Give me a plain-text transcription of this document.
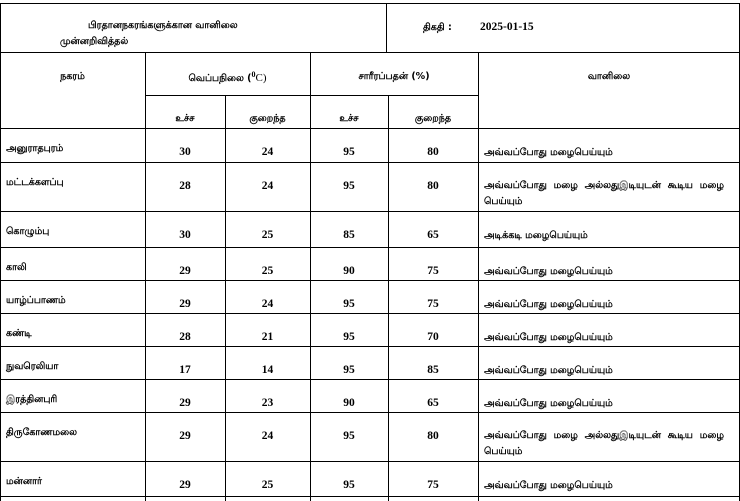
பிரதானநகரங்களுக்கான வானிலை
முன்னறிவித்தல்
திகதி : 2025-01-15
நகரம்	வெப்பநிலை ($^0$C)	சாரீரப்பதன் (%)	வானிலை
உச்ச	குறைந்த	உச்ச	குறைந்த
அனுராதபுரம்	30	24	95	80	அவ்வப்போது மழைபெய்யும்
மட்டக்களப்பு	28	24	95	80	அவ்வப்போது மழை அல்லதுஇடியுடன் கூடிய மழை பெய்யும்
கொழும்பு	30	25	85	65	அடிக்கடி மழைபெய்யும்
காலி	29	25	90	75	அவ்வப்போது மழைபெய்யும்
யாழ்ப்பாணம்	29	24	95	75	அவ்வப்போது மழைபெய்யும்
கண்டி	28	21	95	70	அவ்வப்போது மழைபெய்யும்
நுவரெலியா	17	14	95	85	அவ்வப்போது மழைபெய்யும்
இரத்தினபுரி	29	23	90	65	அவ்வப்போது மழைபெய்யும்
திருகோணமலை	29	24	95	80	அவ்வப்போது மழை அல்லதுஇடியுடன் கூடிய மழை பெய்யும்
மன்னார்	29	25	95	75	அவ்வப்போது மழைபெய்யும்
